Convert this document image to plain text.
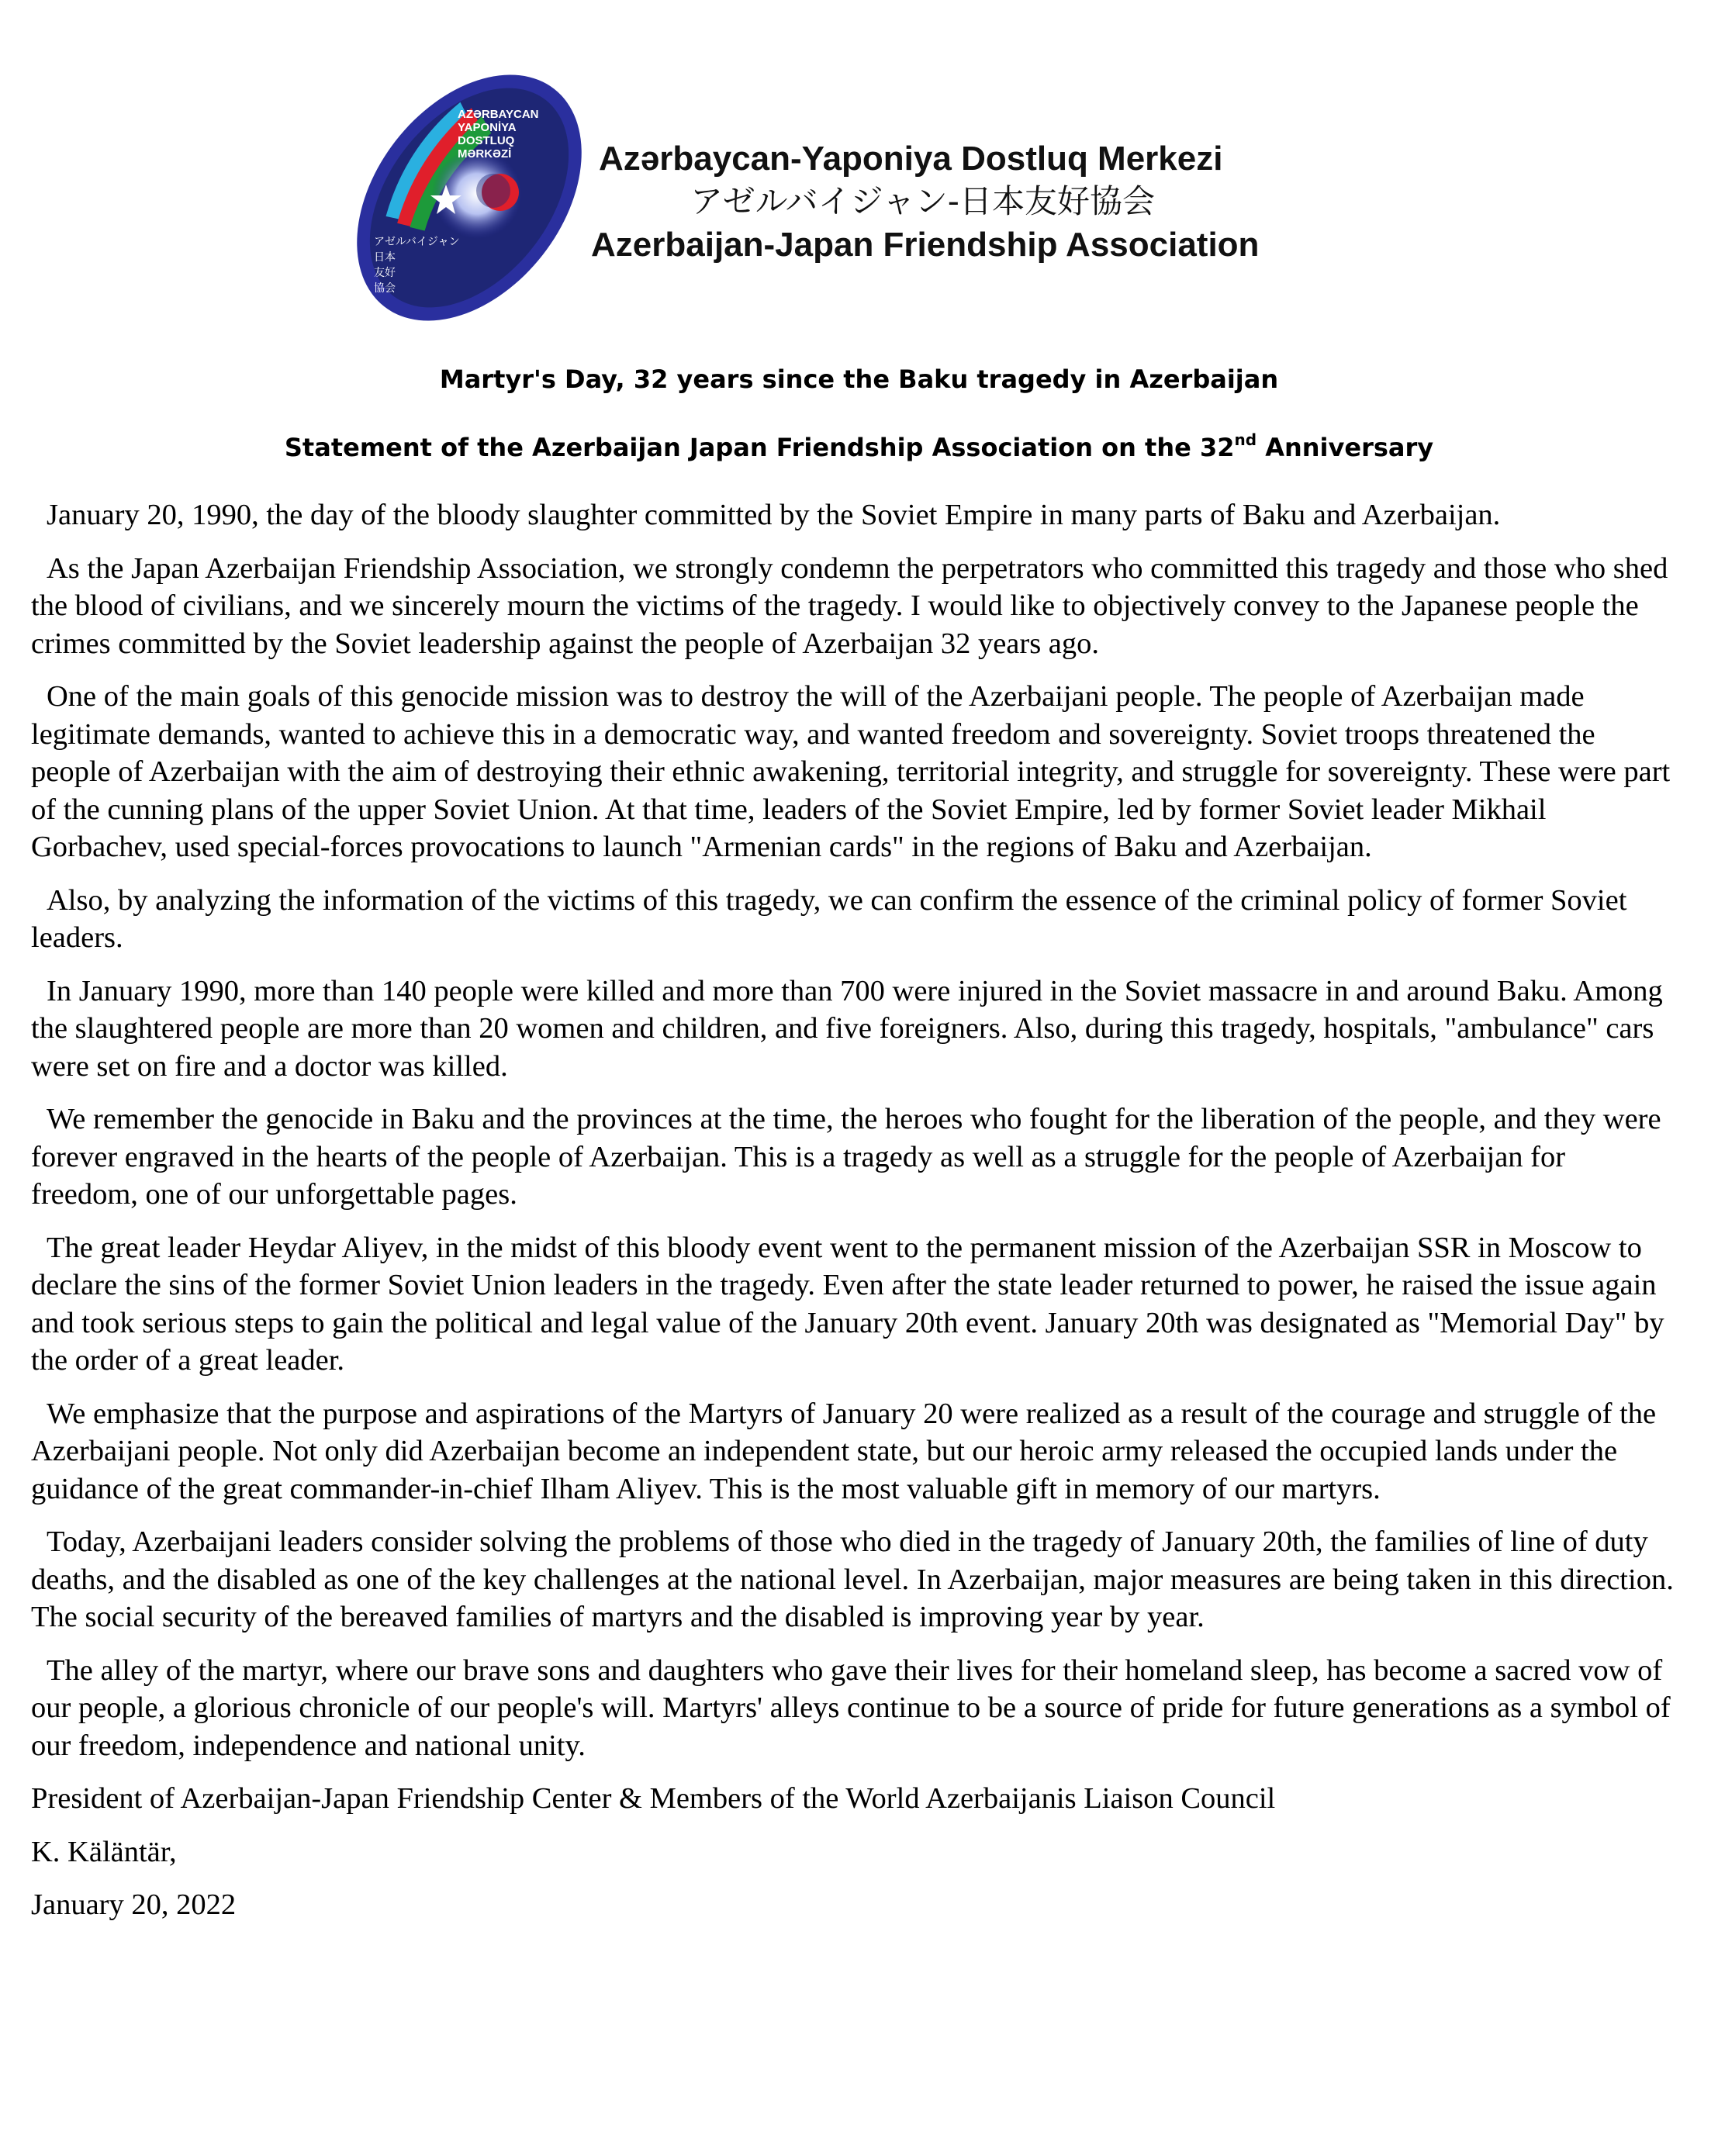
AZƏRBAYCAN
YAPONİYA
DOSTLUQ
MƏRKƏZİ
アゼルバイジャン
日本
友好
協会
Azərbaycan-Yaponiya Dostluq Merkezi
アゼルバイジャン-日本友好協会
Azerbaijan-Japan Friendship Association
Martyr's Day, 32 years since the Baku tragedy in Azerbaijan
Statement of the Azerbaijan Japan Friendship Association on the 32nd Anniversary

January 20, 1990, the day of the bloody slaughter committed by the Soviet Empire in many parts of Baku and Azerbaijan.

As the Japan Azerbaijan Friendship Association, we strongly condemn the perpetrators who committed this tragedy and those who shed the blood of civilians, and we sincerely mourn the victims of the tragedy. I would like to objectively convey to the Japanese people the crimes committed by the Soviet leadership against the people of Azerbaijan 32 years ago.

One of the main goals of this genocide mission was to destroy the will of the Azerbaijani people. The people of Azerbaijan made legitimate demands, wanted to achieve this in a democratic way, and wanted freedom and sovereignty. Soviet troops threatened the people of Azerbaijan with the aim of destroying their ethnic awakening, territorial integrity, and struggle for sovereignty. These were part of the cunning plans of the upper Soviet Union. At that time, leaders of the Soviet Empire, led by former Soviet leader Mikhail Gorbachev, used special-forces provocations to launch "Armenian cards" in the regions of Baku and Azerbaijan.

Also, by analyzing the information of the victims of this tragedy, we can confirm the essence of the criminal policy of former Soviet leaders.

In January 1990, more than 140 people were killed and more than 700 were injured in the Soviet massacre in and around Baku. Among the slaughtered people are more than 20 women and children, and five foreigners. Also, during this tragedy, hospitals, "ambulance" cars were set on fire and a doctor was killed.

We remember the genocide in Baku and the provinces at the time, the heroes who fought for the liberation of the people, and they were forever engraved in the hearts of the people of Azerbaijan. This is a tragedy as well as a struggle for the people of Azerbaijan for freedom, one of our unforgettable pages.

The great leader Heydar Aliyev, in the midst of this bloody event went to the permanent mission of the Azerbaijan SSR in Moscow to declare the sins of the former Soviet Union leaders in the tragedy. Even after the state leader returned to power, he raised the issue again and took serious steps to gain the political and legal value of the January 20th event. January 20th was designated as "Memorial Day" by the order of a great leader.

We emphasize that the purpose and aspirations of the Martyrs of January 20 were realized as a result of the courage and struggle of the Azerbaijani people. Not only did Azerbaijan become an independent state, but our heroic army released the occupied lands under the guidance of the great commander-in-chief Ilham Aliyev. This is the most valuable gift in memory of our martyrs.

Today, Azerbaijani leaders consider solving the problems of those who died in the tragedy of January 20th, the families of line of duty deaths, and the disabled as one of the key challenges at the national level. In Azerbaijan, major measures are being taken in this direction. The social security of the bereaved families of martyrs and the disabled is improving year by year.

The alley of the martyr, where our brave sons and daughters who gave their lives for their homeland sleep, has become a sacred vow of our people, a glorious chronicle of our people's will. Martyrs' alleys continue to be a source of pride for future generations as a symbol of our freedom, independence and national unity.

President of Azerbaijan-Japan Friendship Center & Members of the World Azerbaijanis Liaison Council

K. Käläntär,

January 20, 2022
